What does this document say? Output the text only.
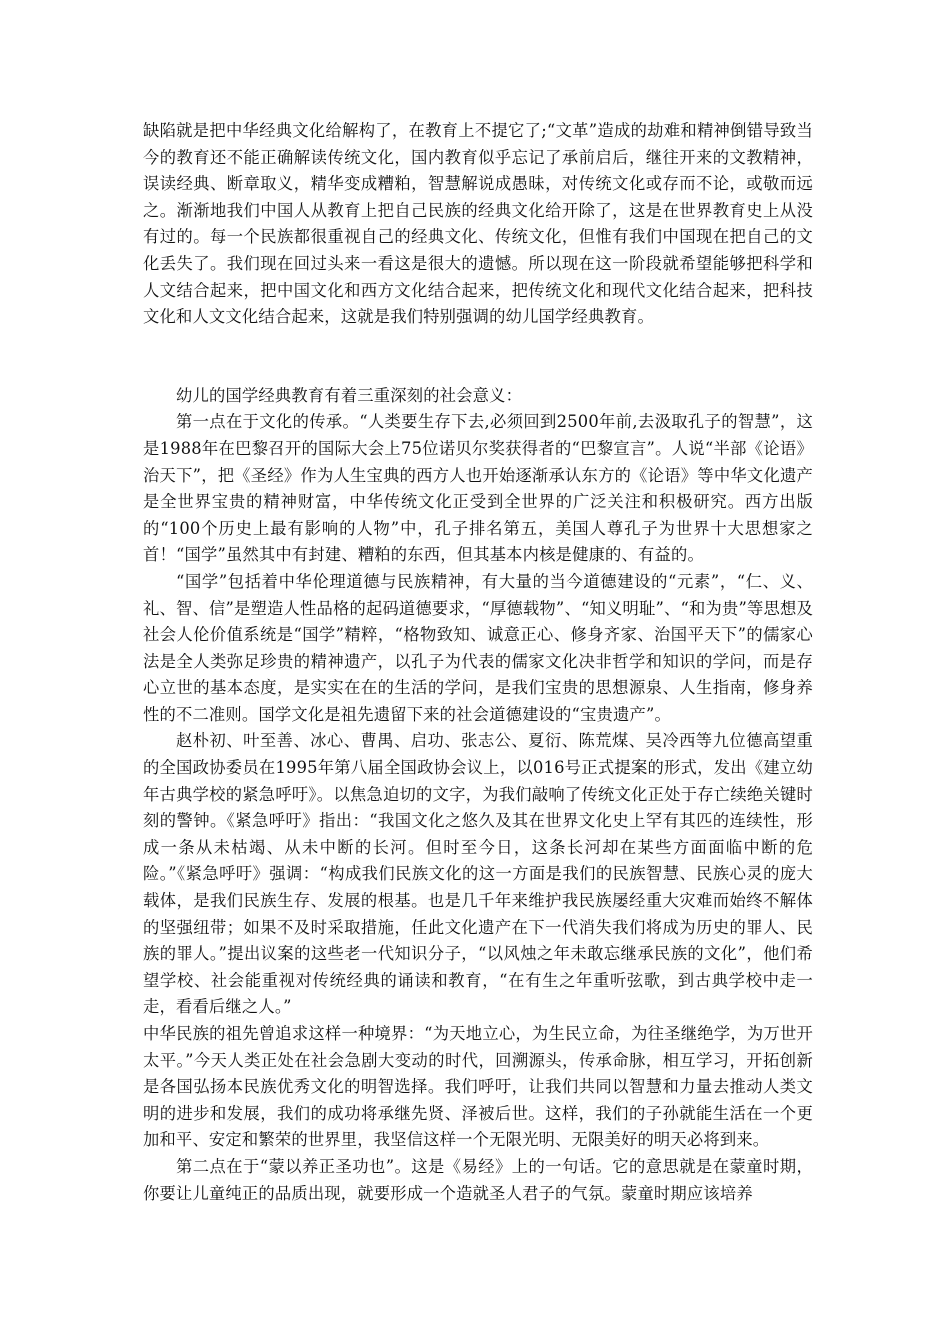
缺陷就是把中华经典文化给解构了，在教育上不提它了;“文革”造成的劫难和精神倒错导致当今的教育还不能正确解读传统文化，国内教育似乎忘记了承前启后，继往开来的文教精神，误读经典、断章取义，精华变成糟粕，智慧解说成愚昧，对传统文化或存而不论，或敬而远之。渐渐地我们中国人从教育上把自己民族的经典文化给开除了，这是在世界教育史上从没有过的。每一个民族都很重视自己的经典文化、传统文化，但惟有我们中国现在把自己的文化丢失了。我们现在回过头来一看这是很大的遗憾。所以现在这一阶段就希望能够把科学和人文结合起来，把中国文化和西方文化结合起来，把传统文化和现代文化结合起来，把科技文化和人文文化结合起来，这就是我们特别强调的幼儿国学经典教育。

幼儿的国学经典教育有着三重深刻的社会意义：

第一点在于文化的传承。“人类要生存下去,必须回到2500年前,去汲取孔子的智慧”，这是1988年在巴黎召开的国际大会上75位诺贝尔奖获得者的“巴黎宣言”。人说“半部《论语》治天下”，把《圣经》作为人生宝典的西方人也开始逐渐承认东方的《论语》等中华文化遗产是全世界宝贵的精神财富，中华传统文化正受到全世界的广泛关注和积极研究。西方出版的“100个历史上最有影响的人物”中，孔子排名第五，美国人尊孔子为世界十大思想家之首！“国学”虽然其中有封建、糟粕的东西，但其基本内核是健康的、有益的。

“国学”包括着中华伦理道德与民族精神，有大量的当今道德建设的“元素”，“仁、义、礼、智、信”是塑造人性品格的起码道德要求，“厚德载物”、“知义明耻”、“和为贵”等思想及社会人伦价值系统是“国学”精粹，“格物致知、诚意正心、修身齐家、治国平天下”的儒家心法是全人类弥足珍贵的精神遗产，以孔子为代表的儒家文化决非哲学和知识的学问，而是存心立世的基本态度，是实实在在的生活的学问，是我们宝贵的思想源泉、人生指南，修身养性的不二准则。国学文化是祖先遗留下来的社会道德建设的“宝贵遗产”。

赵朴初、叶至善、冰心、曹禺、启功、张志公、夏衍、陈荒煤、吴冷西等九位德高望重的全国政协委员在1995年第八届全国政协会议上，以016号正式提案的形式，发出《建立幼年古典学校的紧急呼吁》。以焦急迫切的文字，为我们敲响了传统文化正处于存亡续绝关键时刻的警钟。《紧急呼吁》指出：“我国文化之悠久及其在世界文化史上罕有其匹的连续性，形成一条从未枯竭、从未中断的长河。但时至今日，这条长河却在某些方面面临中断的危险。”《紧急呼吁》强调：“构成我们民族文化的这一方面是我们的民族智慧、民族心灵的庞大载体，是我们民族生存、发展的根基。也是几千年来维护我民族屡经重大灾难而始终不解体的坚强纽带；如果不及时采取措施，任此文化遗产在下一代消失我们将成为历史的罪人、民族的罪人。”提出议案的这些老一代知识分子，“以风烛之年未敢忘继承民族的文化”，他们希望学校、社会能重视对传统经典的诵读和教育，“在有生之年重听弦歌，到古典学校中走一走，看看后继之人。”

中华民族的祖先曾追求这样一种境界：“为天地立心，为生民立命，为往圣继绝学，为万世开太平。”今天人类正处在社会急剧大变动的时代，回溯源头，传承命脉，相互学习，开拓创新是各国弘扬本民族优秀文化的明智选择。我们呼吁，让我们共同以智慧和力量去推动人类文明的进步和发展，我们的成功将承继先贤、泽被后世。这样，我们的子孙就能生活在一个更加和平、安定和繁荣的世界里，我坚信这样一个无限光明、无限美好的明天必将到来。

第二点在于“蒙以养正圣功也”。这是《易经》上的一句话。它的意思就是在蒙童时期，你要让儿童纯正的品质出现，就要形成一个造就圣人君子的气氛。蒙童时期应该培养
